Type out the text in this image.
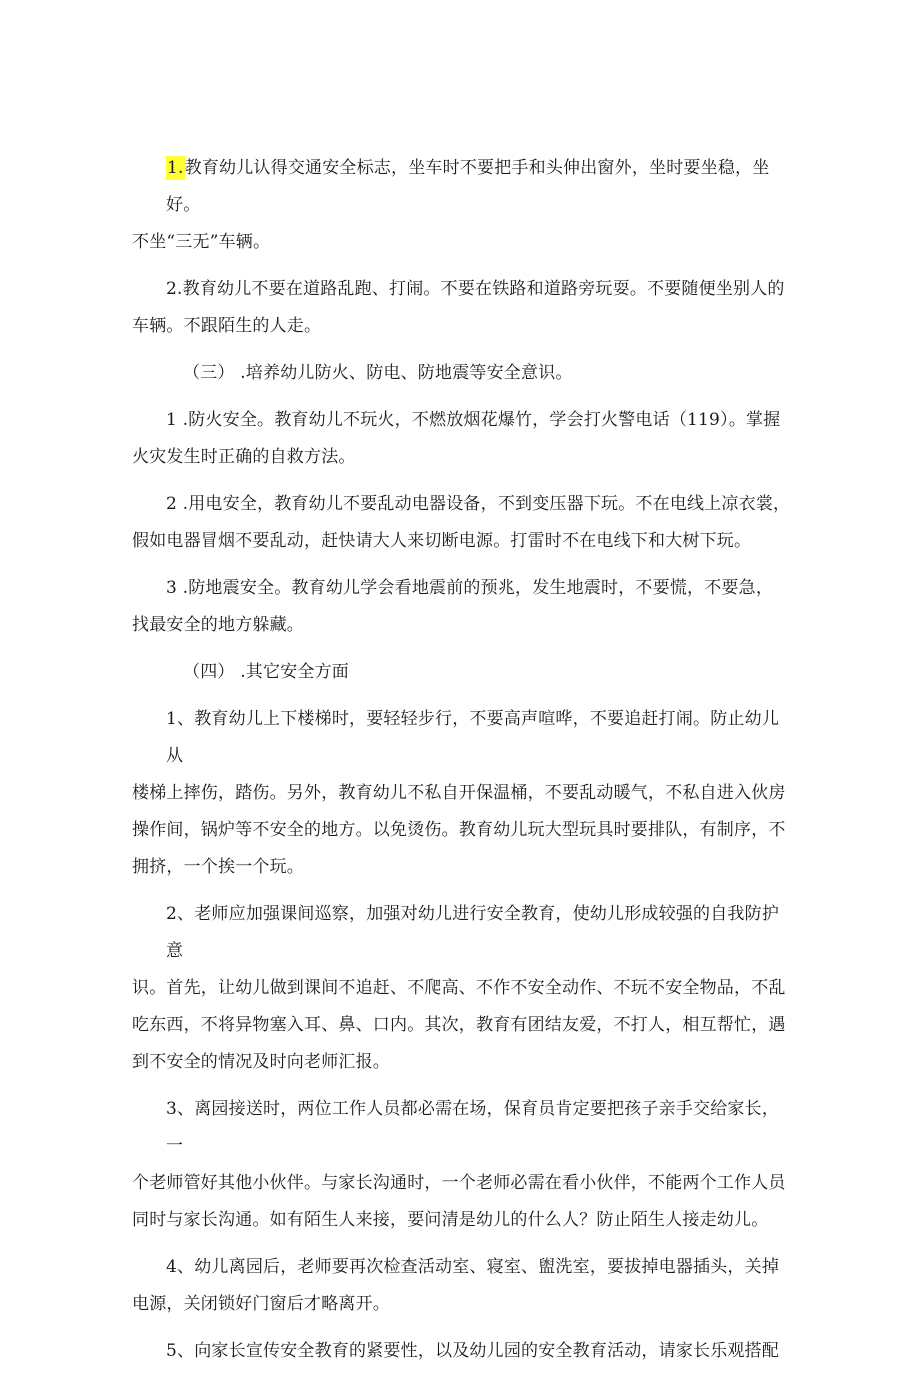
1.教育幼儿认得交通安全标志，坐车时不要把手和头伸出窗外，坐时要坐稳，坐好。
不坐“三无”车辆。
2.教育幼儿不要在道路乱跑、打闹。不要在铁路和道路旁玩耍。不要随便坐别人的
车辆。不跟陌生的人走。
（三） .培养幼儿防火、防电、防地震等安全意识。
1 .防火安全。教育幼儿不玩火，不燃放烟花爆竹，学会打火警电话（119）。掌握
火灾发生时正确的自救方法。
2 .用电安全，教育幼儿不要乱动电器设备，不到变压器下玩。不在电线上凉衣裳，
假如电器冒烟不要乱动，赶快请大人来切断电源。打雷时不在电线下和大树下玩。
3 .防地震安全。教育幼儿学会看地震前的预兆，发生地震时，不要慌，不要急，
找最安全的地方躲藏。
（四） .其它安全方面
1、教育幼儿上下楼梯时，要轻轻步行，不要高声喧哗，不要追赶打闹。防止幼儿从
楼梯上摔伤，踏伤。另外，教育幼儿不私自开保温桶，不要乱动暖气，不私自进入伙房
操作间，锅炉等不安全的地方。以免烫伤。教育幼儿玩大型玩具时要排队，有制序，不
拥挤，一个挨一个玩。
2、老师应加强课间巡察，加强对幼儿进行安全教育，使幼儿形成较强的自我防护意
识。首先，让幼儿做到课间不追赶、不爬高、不作不安全动作、不玩不安全物品，不乱
吃东西，不将异物塞入耳、鼻、口内。其次，教育有团结友爱，不打人，相互帮忙，遇
到不安全的情况及时向老师汇报。
3、离园接送时，两位工作人员都必需在场，保育员肯定要把孩子亲手交给家长，一
个老师管好其他小伙伴。与家长沟通时，一个老师必需在看小伙伴，不能两个工作人员
同时与家长沟通。如有陌生人来接，要问清是幼儿的什么人？防止陌生人接走幼儿。
4、幼儿离园后，老师要再次检查活动室、寝室、盥洗室，要拔掉电器插头，关掉
电源，关闭锁好门窗后才略离开。
5、向家长宣传安全教育的紧要性，以及幼儿园的安全教育活动，请家长乐观搭配
